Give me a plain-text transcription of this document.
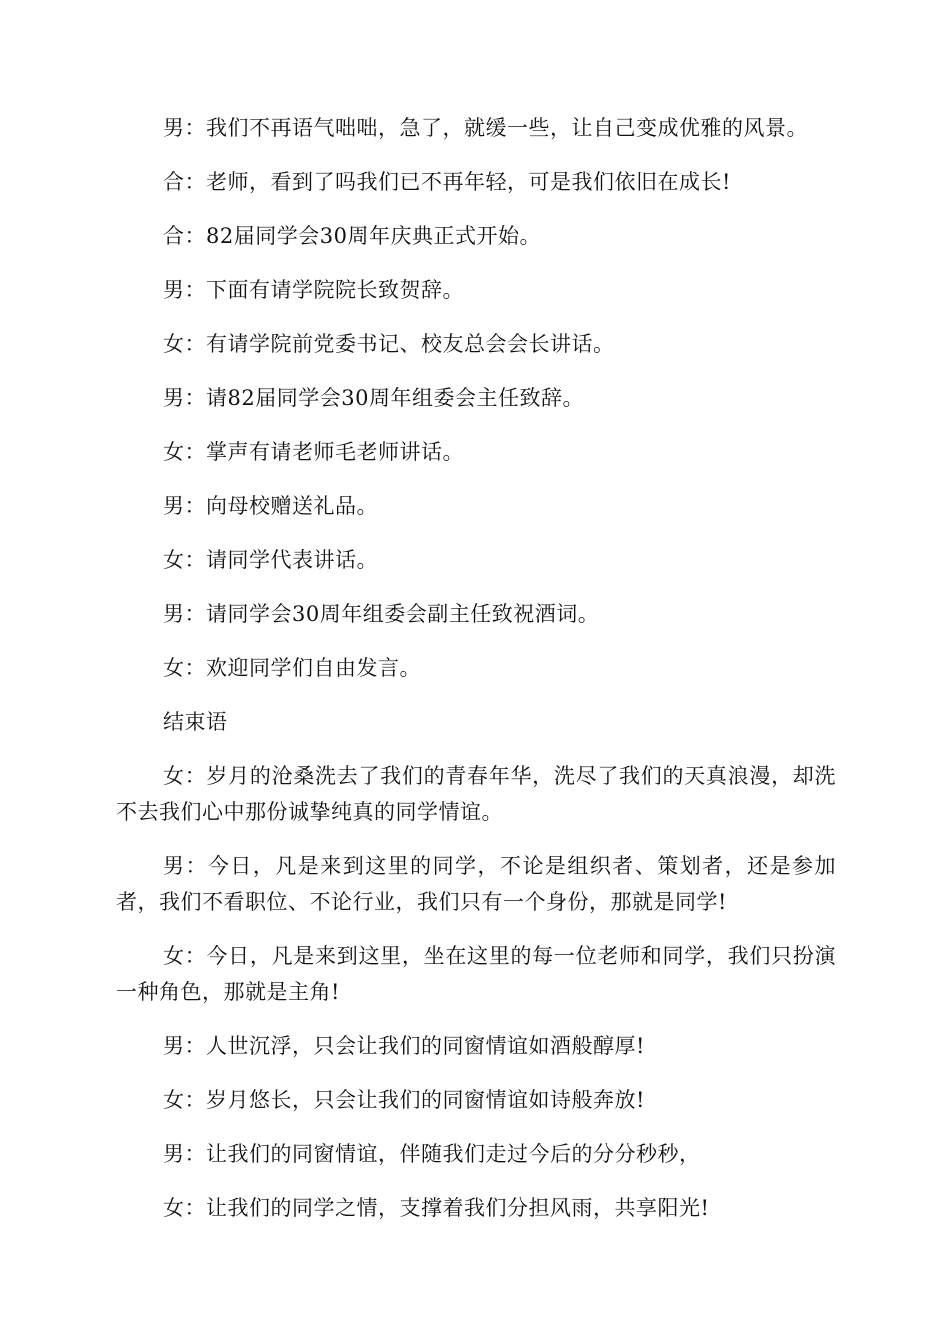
男：我们不再语气咄咄，急了，就缓一些，让自己变成优雅的风景。

合：老师，看到了吗我们已不再年轻，可是我们依旧在成长!

合：82届同学会30周年庆典正式开始。

男：下面有请学院院长致贺辞。

女：有请学院前党委书记、校友总会会长讲话。

男：请82届同学会30周年组委会主任致辞。

女：掌声有请老师毛老师讲话。

男：向母校赠送礼品。

女：请同学代表讲话。

男：请同学会30周年组委会副主任致祝酒词。

女：欢迎同学们自由发言。

结束语

女：岁月的沧桑洗去了我们的青春年华，洗尽了我们的天真浪漫，却洗不去我们心中那份诚挚纯真的同学情谊。

男：今日，凡是来到这里的同学，不论是组织者、策划者，还是参加者，我们不看职位、不论行业，我们只有一个身份，那就是同学!

女：今日，凡是来到这里，坐在这里的每一位老师和同学，我们只扮演一种角色，那就是主角!

男：人世沉浮，只会让我们的同窗情谊如酒般醇厚!

女：岁月悠长，只会让我们的同窗情谊如诗般奔放!

男：让我们的同窗情谊，伴随我们走过今后的分分秒秒，

女：让我们的同学之情，支撑着我们分担风雨，共享阳光!
